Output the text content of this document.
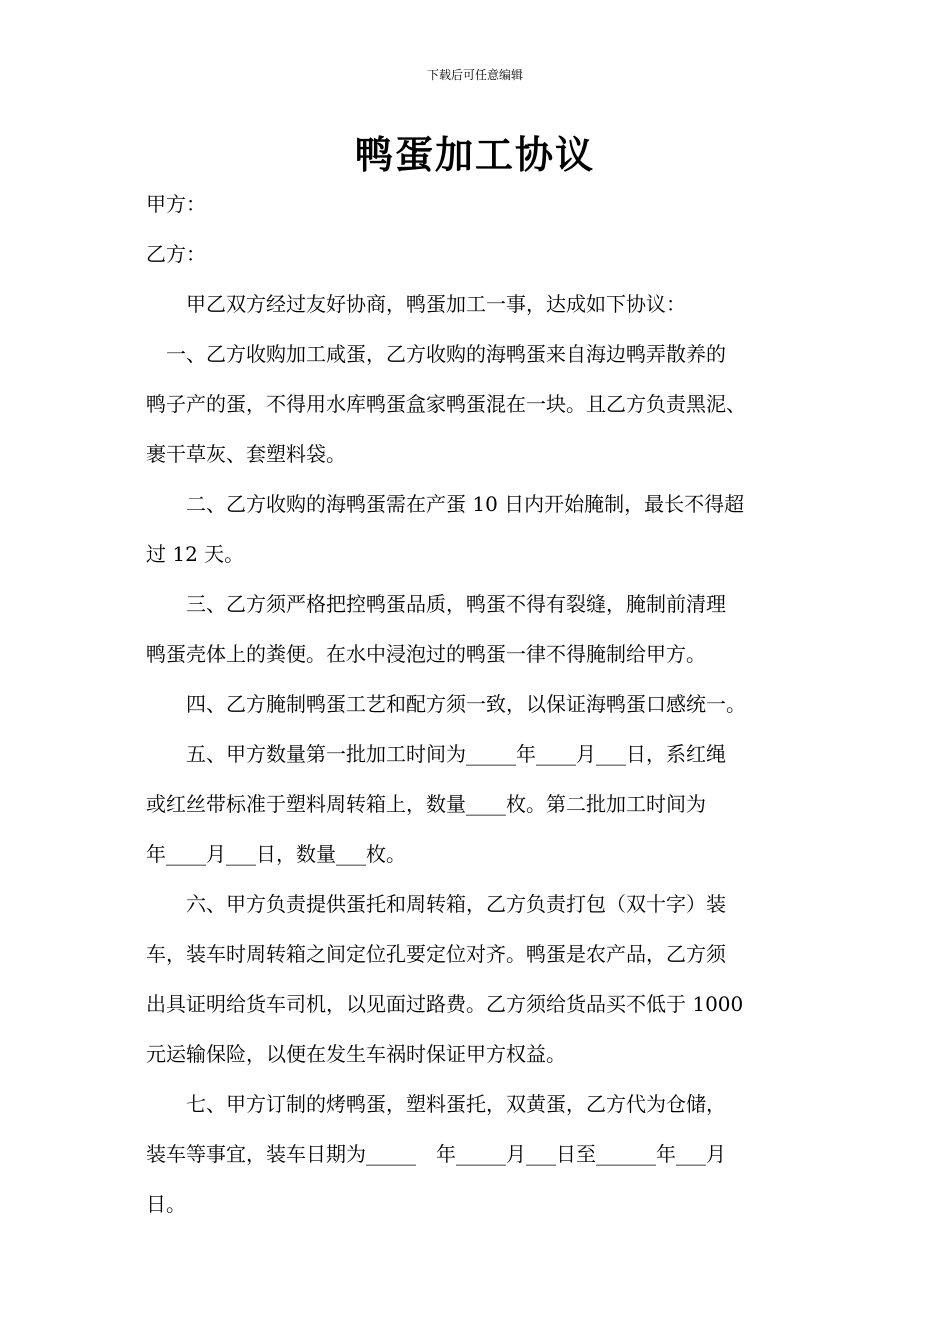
下载后可任意编辑
鸭蛋加工协议
甲方：
乙方：
　　甲乙双方经过友好协商，鸭蛋加工一事，达成如下协议：
　一、乙方收购加工咸蛋，乙方收购的海鸭蛋来自海边鸭弄散养的
鸭子产的蛋，不得用水库鸭蛋盒家鸭蛋混在一块。且乙方负责黑泥、
裹干草灰、套塑料袋。
　　二、乙方收购的海鸭蛋需在产蛋 10 日内开始腌制，最长不得超
过 12 天。
　　三、乙方须严格把控鸭蛋品质，鸭蛋不得有裂缝，腌制前清理
鸭蛋壳体上的粪便。在水中浸泡过的鸭蛋一律不得腌制给甲方。
　　四、乙方腌制鸭蛋工艺和配方须一致，以保证海鸭蛋口感统一。
　　五、甲方数量第一批加工时间为_____年____月___日，系红绳
或红丝带标准于塑料周转箱上，数量____枚。第二批加工时间为
年____月___日，数量___枚。
　　六、甲方负责提供蛋托和周转箱，乙方负责打包（双十字）装
车，装车时周转箱之间定位孔要定位对齐。鸭蛋是农产品，乙方须
出具证明给货车司机，以见面过路费。乙方须给货品买不低于 1000
元运输保险，以便在发生车祸时保证甲方权益。
　　七、甲方订制的烤鸭蛋，塑料蛋托，双黄蛋，乙方代为仓储，
装车等事宜，装车日期为_____　年_____月___日至______年___月
日。
